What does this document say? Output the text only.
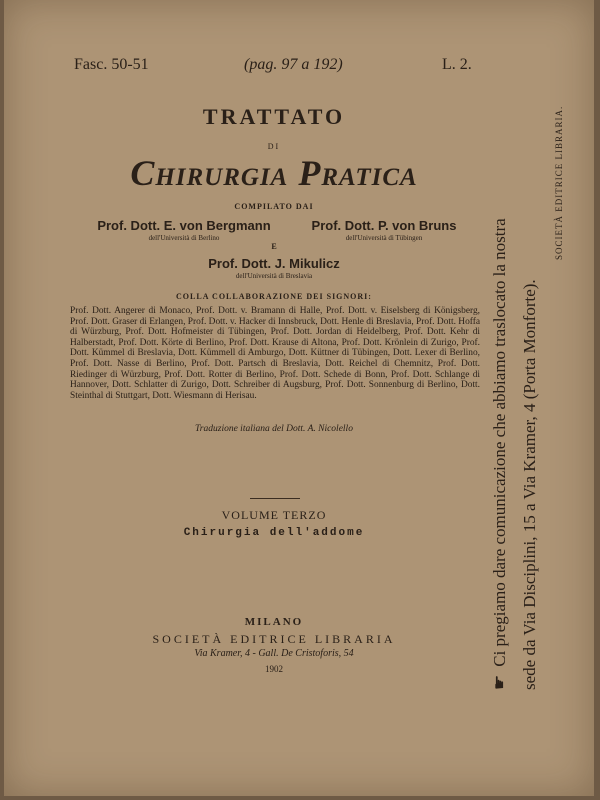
Fasc. 50-51	(pag. 97 a 192)	L. 2.
TRATTATO
DI
Chirurgia Pratica
COMPILATO DAI
Prof. Dott. E. von Bergmann
dell'Università di Berlino
Prof. Dott. P. von Bruns
dell'Università di Tübingen
E
Prof. Dott. J. Mikulicz
dell'Università di Breslavia
COLLA COLLABORAZIONE DEI SIGNORI:
Prof. Dott. Angerer di Monaco, Prof. Dott. v. Bramann di Halle, Prof. Dott. v. Eiselsberg di Königsberg, Prof. Dott. Graser di Erlangen, Prof. Dott. v. Hacker di Innsbruck, Dott. Henle di Breslavia, Prof. Dott. Hoffa di Würzburg, Prof. Dott. Hofmeister di Tübingen, Prof. Dott. Jordan di Heidelberg, Prof. Dott. Kehr di Halberstadt, Prof. Dott. Körte di Berlino, Prof. Dott. Krause di Altona, Prof. Dott. Krönlein di Zurigo, Prof. Dott. Kümmel di Breslavia, Dott. Kümmell di Amburgo, Dott. Küttner di Tübingen, Dott. Lexer di Berlino, Prof. Dott. Nasse di Berlino, Prof. Dott. Partsch di Breslavia, Dott. Reichel di Chemnitz, Prof. Dott. Riedinger di Würzburg, Prof. Dott. Rotter di Berlino, Prof. Dott. Schede di Bonn, Prof. Dott. Schlange di Hannover, Dott. Schlatter di Zurigo, Dott. Schreiber di Augsburg, Prof. Dott. Sonnenburg di Berlino, Dott. Steinthal di Stuttgart, Dott. Wiesmann di Herisau.
Traduzione italiana del Dott. A. Nicolello
VOLUME TERZO
Chirurgia dell'addome
MILANO
SOCIETÀ EDITRICE LIBRARIA
Via Kramer, 4 - Gall. De Cristoforis, 54
1902
☛Ci pregiamo dare comunicazione che abbiamo traslocato la nostra sede da Via Disciplini, 15 a Via Kramer, 4 (Porta Monforte).
SOCIETÀ EDITRICE LIBRARIA.
